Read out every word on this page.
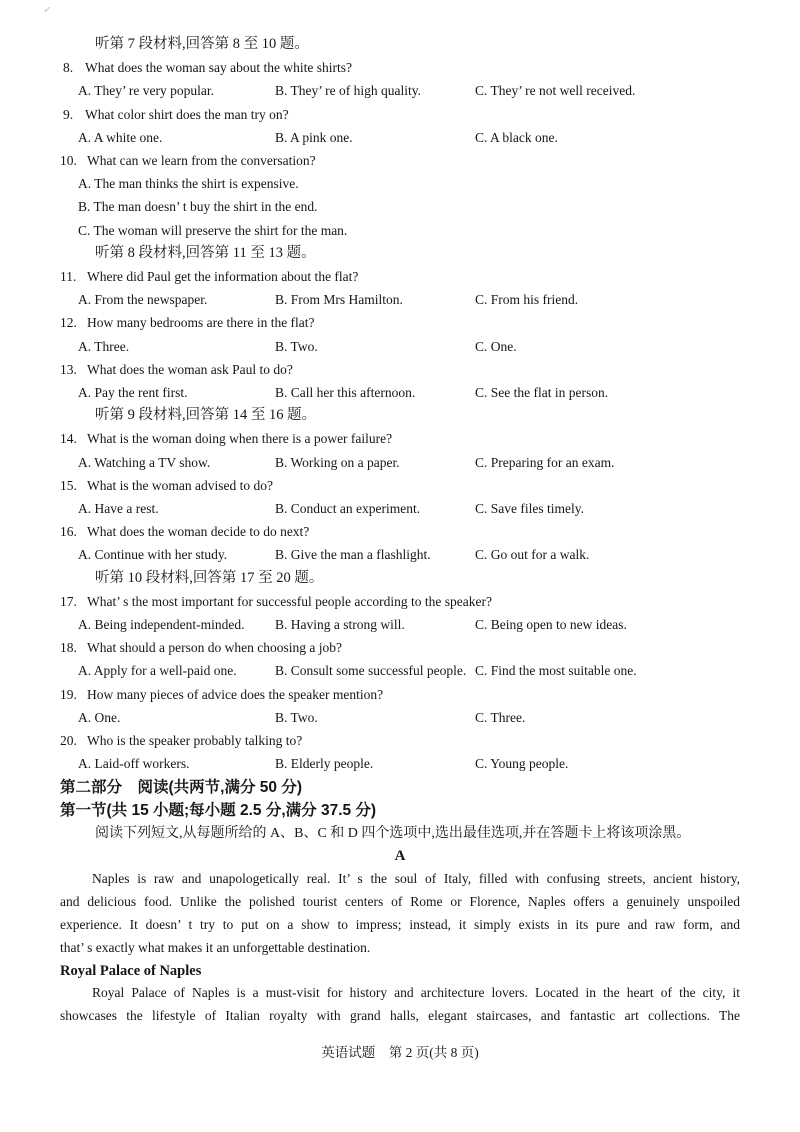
✓
听第 7 段材料,回答第 8 至 10 题。
8. What does the woman say about the white shirts?
A. They’ re very popular.	B. They’ re of high quality.	C. They’ re not well received.
9. What color shirt does the man try on?
A. A white one.	B. A pink one.	C. A black one.
10. What can we learn from the conversation?
A. The man thinks the shirt is expensive.
B. The man doesn’ t buy the shirt in the end.
C. The woman will preserve the shirt for the man.
听第 8 段材料,回答第 11 至 13 题。
11. Where did Paul get the information about the flat?
A. From the newspaper.	B. From Mrs Hamilton.	C. From his friend.
12. How many bedrooms are there in the flat?
A. Three.	B. Two.	C. One.
13. What does the woman ask Paul to do?
A. Pay the rent first.	B. Call her this afternoon.	C. See the flat in person.
听第 9 段材料,回答第 14 至 16 题。
14. What is the woman doing when there is a power failure?
A. Watching a TV show.	B. Working on a paper.	C. Preparing for an exam.
15. What is the woman advised to do?
A. Have a rest.	B. Conduct an experiment.	C. Save files timely.
16. What does the woman decide to do next?
A. Continue with her study.	B. Give the man a flashlight.	C. Go out for a walk.
听第 10 段材料,回答第 17 至 20 题。
17. What’ s the most important for successful people according to the speaker?
A. Being independent-minded.	B. Having a strong will.	C. Being open to new ideas.
18. What should a person do when choosing a job?
A. Apply for a well-paid one.	B. Consult some successful people. C. Find the most suitable one.
19. How many pieces of advice does the speaker mention?
A. One.	B. Two.	C. Three.
20. Who is the speaker probably talking to?
A. Laid-off workers.	B. Elderly people.	C. Young people.
第二部分　阅读(共两节,满分 50 分)
第一节(共 15 小题;每小题 2.5 分,满分 37.5 分)
阅读下列短文,从每题所给的 A、B、C 和 D 四个选项中,选出最佳选项,并在答题卡上将该项涂黑。
A
Naples is raw and unapologetically real. It’ s the soul of Italy, filled with confusing streets, ancient history,
and delicious food. Unlike the polished tourist centers of Rome or Florence, Naples offers a genuinely unspoiled
experience. It doesn’ t try to put on a show to impress; instead, it simply exists in its pure and raw form, and
that’ s exactly what makes it an unforgettable destination.
Royal Palace of Naples
Royal Palace of Naples is a must-visit for history and architecture lovers. Located in the heart of the city, it
showcases the lifestyle of Italian royalty with grand halls, elegant staircases, and fantastic art collections. The
英语试题　第 2 页(共 8 页)
